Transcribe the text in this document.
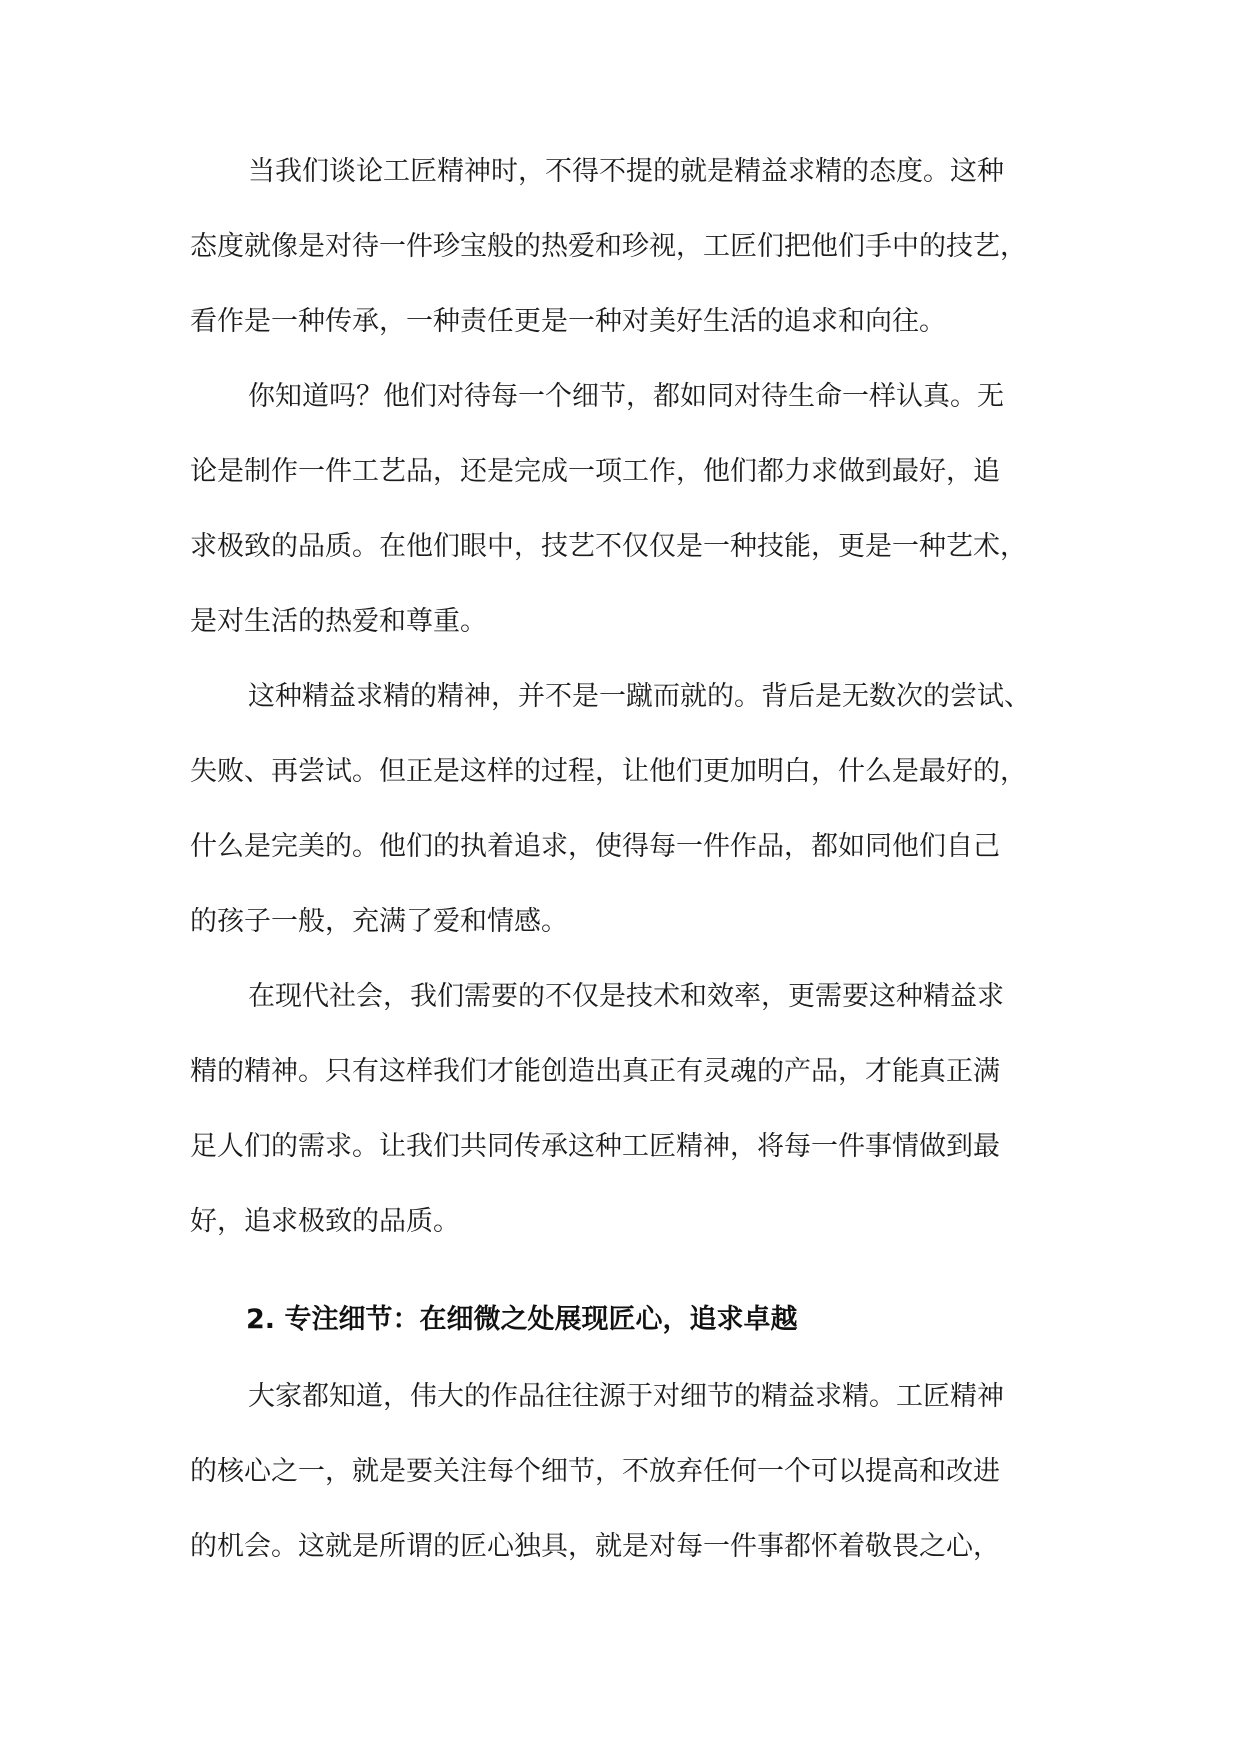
当我们谈论工匠精神时，不得不提的就是精益求精的态度。这种
态度就像是对待一件珍宝般的热爱和珍视，工匠们把他们手中的技艺，
看作是一种传承，一种责任更是一种对美好生活的追求和向往。
你知道吗？他们对待每一个细节，都如同对待生命一样认真。无
论是制作一件工艺品，还是完成一项工作，他们都力求做到最好，追
求极致的品质。在他们眼中，技艺不仅仅是一种技能，更是一种艺术，
是对生活的热爱和尊重。
这种精益求精的精神，并不是一蹴而就的。背后是无数次的尝试、
失败、再尝试。但正是这样的过程，让他们更加明白，什么是最好的，
什么是完美的。他们的执着追求，使得每一件作品，都如同他们自己
的孩子一般，充满了爱和情感。
在现代社会，我们需要的不仅是技术和效率，更需要这种精益求
精的精神。只有这样我们才能创造出真正有灵魂的产品，才能真正满
足人们的需求。让我们共同传承这种工匠精神，将每一件事情做到最
好，追求极致的品质。
2. 专注细节：在细微之处展现匠心，追求卓越
大家都知道，伟大的作品往往源于对细节的精益求精。工匠精神
的核心之一，就是要关注每个细节，不放弃任何一个可以提高和改进
的机会。这就是所谓的匠心独具，就是对每一件事都怀着敬畏之心，
